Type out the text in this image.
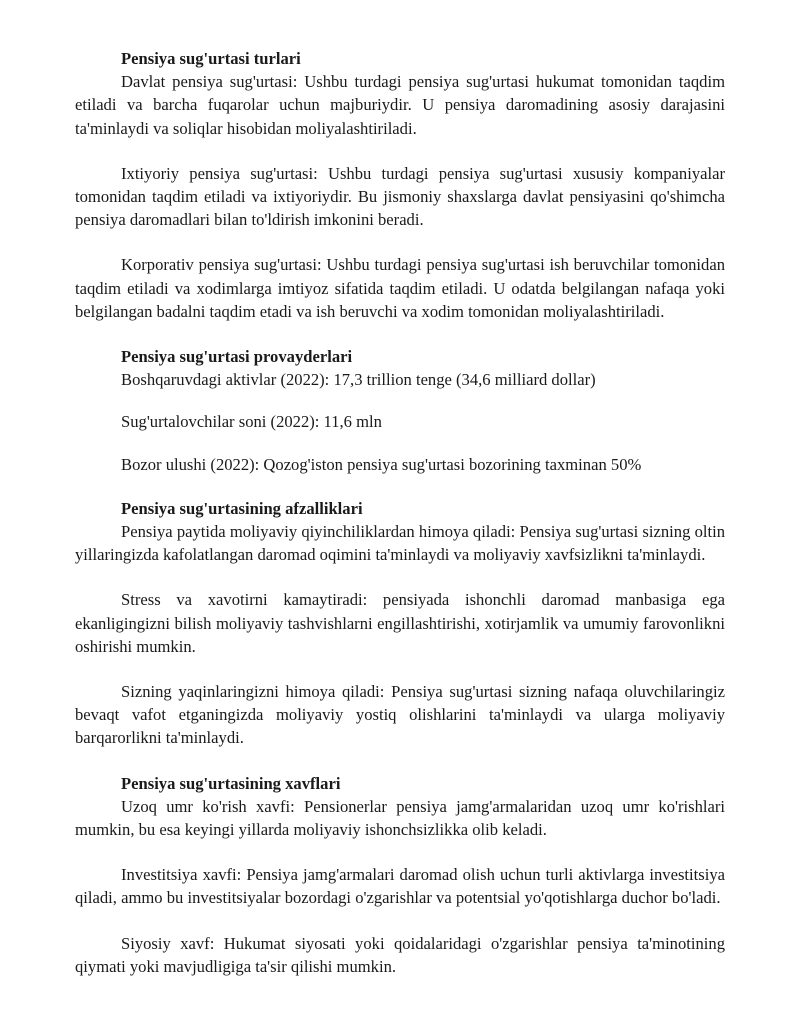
Pensiya sug'urtasi turlari

Davlat pensiya sug'urtasi: Ushbu turdagi pensiya sug'urtasi hukumat tomonidan taqdim etiladi va barcha fuqarolar uchun majburiydir. U pensiya daromadining asosiy darajasini ta'minlaydi va soliqlar hisobidan moliyalashtiriladi.

Ixtiyoriy pensiya sug'urtasi: Ushbu turdagi pensiya sug'urtasi xususiy kompaniyalar tomonidan taqdim etiladi va ixtiyoriydir. Bu jismoniy shaxslarga davlat pensiyasini qo'shimcha pensiya daromadlari bilan to'ldirish imkonini beradi.

Korporativ pensiya sug'urtasi: Ushbu turdagi pensiya sug'urtasi ish beruvchilar tomonidan taqdim etiladi va xodimlarga imtiyoz sifatida taqdim etiladi. U odatda belgilangan nafaqa yoki belgilangan badalni taqdim etadi va ish beruvchi va xodim tomonidan moliyalashtiriladi.

Pensiya sug'urtasi provayderlari

Boshqaruvdagi aktivlar (2022): 17,3 trillion tenge (34,6 milliard dollar)

Sug'urtalovchilar soni (2022): 11,6 mln

Bozor ulushi (2022): Qozog'iston pensiya sug'urtasi bozorining taxminan 50%

Pensiya sug'urtasining afzalliklari

Pensiya paytida moliyaviy qiyinchiliklardan himoya qiladi: Pensiya sug'urtasi sizning oltin yillaringizda kafolatlangan daromad oqimini ta'minlaydi va moliyaviy xavfsizlikni ta'minlaydi.

Stress va xavotirni kamaytiradi: pensiyada ishonchli daromad manbasiga ega ekanligingizni bilish moliyaviy tashvishlarni engillashtirishi, xotirjamlik va umumiy farovonlikni oshirishi mumkin.

Sizning yaqinlaringizni himoya qiladi: Pensiya sug'urtasi sizning nafaqa oluvchilaringiz bevaqt vafot etganingizda moliyaviy yostiq olishlarini ta'minlaydi va ularga moliyaviy barqarorlikni ta'minlaydi.

Pensiya sug'urtasining xavflari

Uzoq umr ko'rish xavfi: Pensionerlar pensiya jamg'armalaridan uzoq umr ko'rishlari mumkin, bu esa keyingi yillarda moliyaviy ishonchsizlikka olib keladi.

Investitsiya xavfi: Pensiya jamg'armalari daromad olish uchun turli aktivlarga investitsiya qiladi, ammo bu investitsiyalar bozordagi o'zgarishlar va potentsial yo'qotishlarga duchor bo'ladi.

Siyosiy xavf: Hukumat siyosati yoki qoidalaridagi o'zgarishlar pensiya ta'minotining qiymati yoki mavjudligiga ta'sir qilishi mumkin.
